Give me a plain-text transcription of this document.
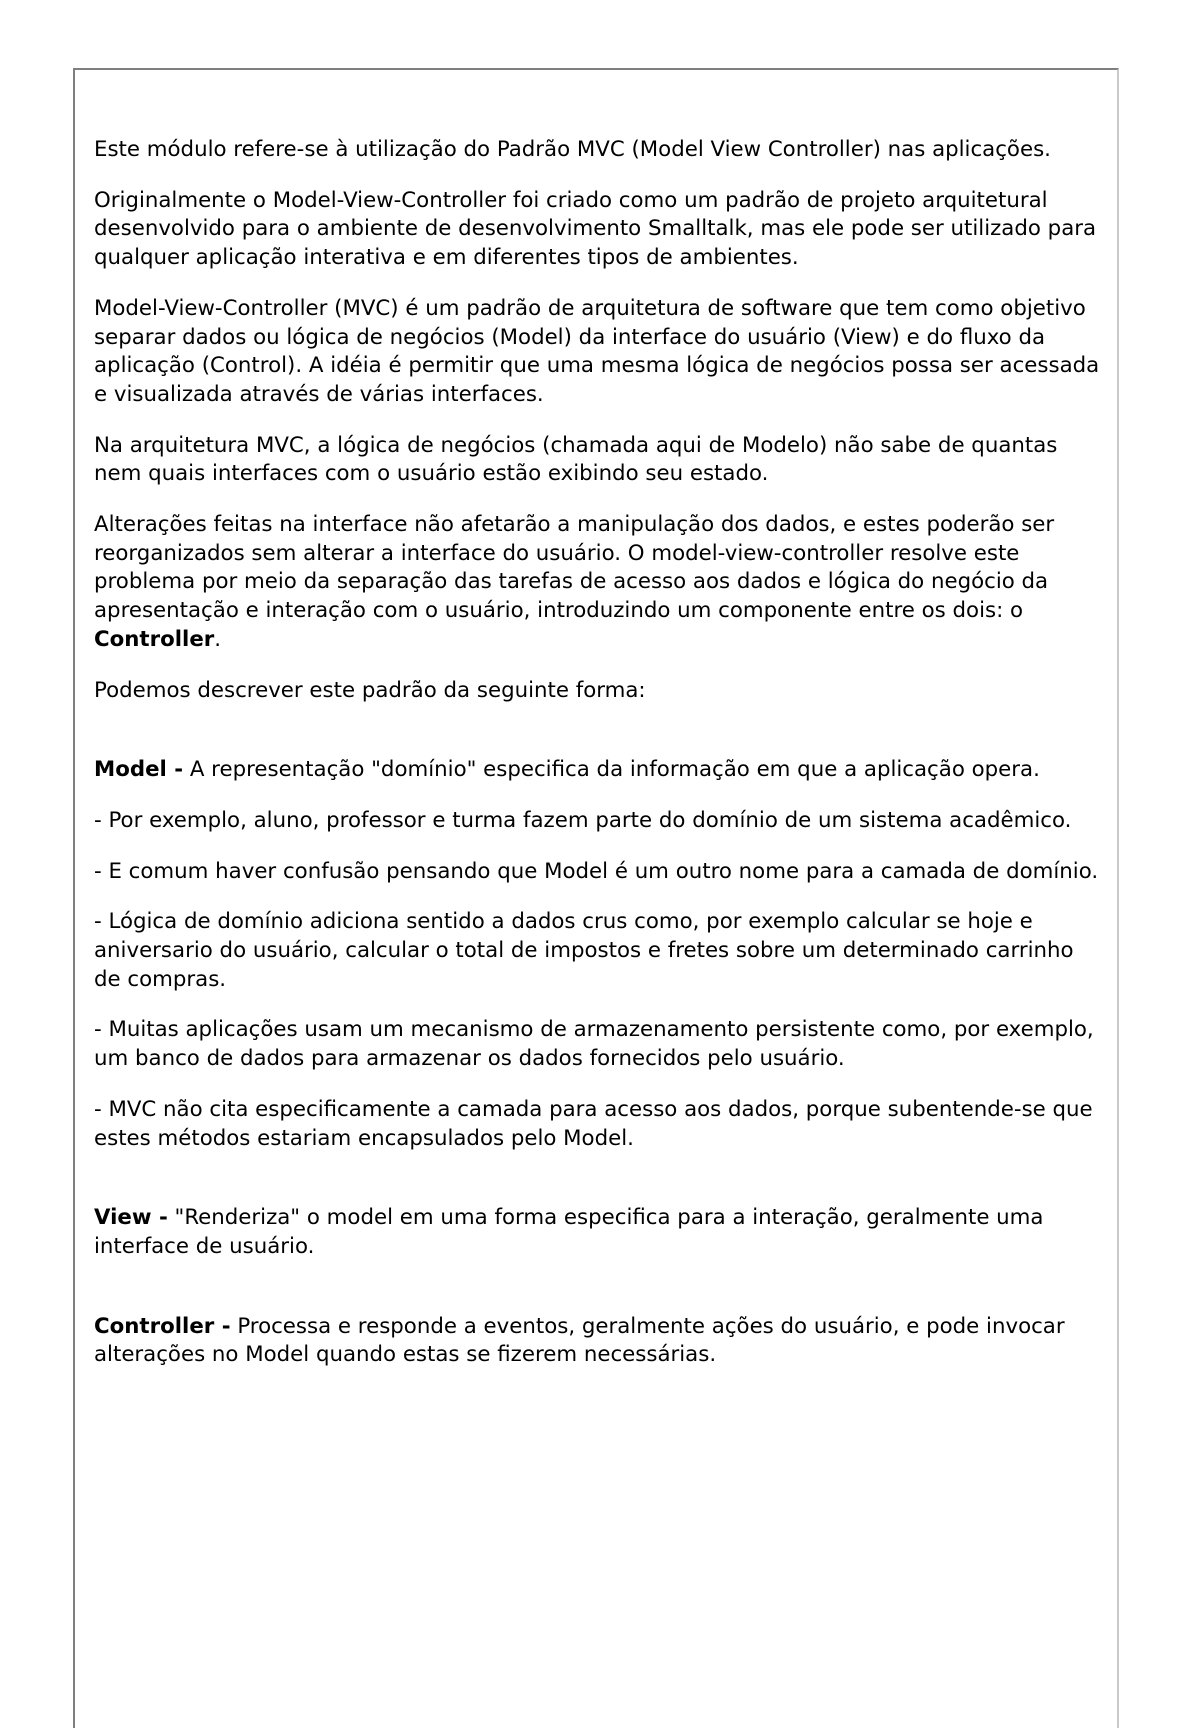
Este módulo refere-se à utilização do Padrão MVC (Model View Controller) nas aplicações.

Originalmente o Model-View-Controller foi criado como um padrão de projeto arquitetural desenvolvido para o ambiente de desenvolvimento Smalltalk, mas ele pode ser utilizado para qualquer aplicação interativa e em diferentes tipos de ambientes.

Model-View-Controller (MVC) é um padrão de arquitetura de software que tem como objetivo separar dados ou lógica de negócios (Model) da interface do usuário (View) e do fluxo da aplicação (Control). A idéia é permitir que uma mesma lógica de negócios possa ser acessada e visualizada através de várias interfaces.

Na arquitetura MVC, a lógica de negócios (chamada aqui de Modelo) não sabe de quantas nem quais interfaces com o usuário estão exibindo seu estado.

Alterações feitas na interface não afetarão a manipulação dos dados, e estes poderão ser reorganizados sem alterar a interface do usuário. O model-view-controller resolve este problema por meio da separação das tarefas de acesso aos dados e lógica do negócio da apresentação e interação com o usuário, introduzindo um componente entre os dois: o Controller.

Podemos descrever este padrão da seguinte forma:

Model - A representação "domínio" especifica da informação em que a aplicação opera.

- Por exemplo, aluno, professor e turma fazem parte do domínio de um sistema acadêmico.

- E comum haver confusão pensando que Model é um outro nome para a camada de domínio.

- Lógica de domínio adiciona sentido a dados crus como, por exemplo calcular se hoje e aniversario do usuário, calcular o total de impostos e fretes sobre um determinado carrinho de compras.

- Muitas aplicações usam um mecanismo de armazenamento persistente como, por exemplo, um banco de dados para armazenar os dados fornecidos pelo usuário.

- MVC não cita especificamente a camada para acesso aos dados, porque subentende-se que estes métodos estariam encapsulados pelo Model.

View - "Renderiza" o model em uma forma especifica para a interação, geralmente uma interface de usuário.

Controller - Processa e responde a eventos, geralmente ações do usuário, e pode invocar alterações no Model quando estas se fizerem necessárias.
